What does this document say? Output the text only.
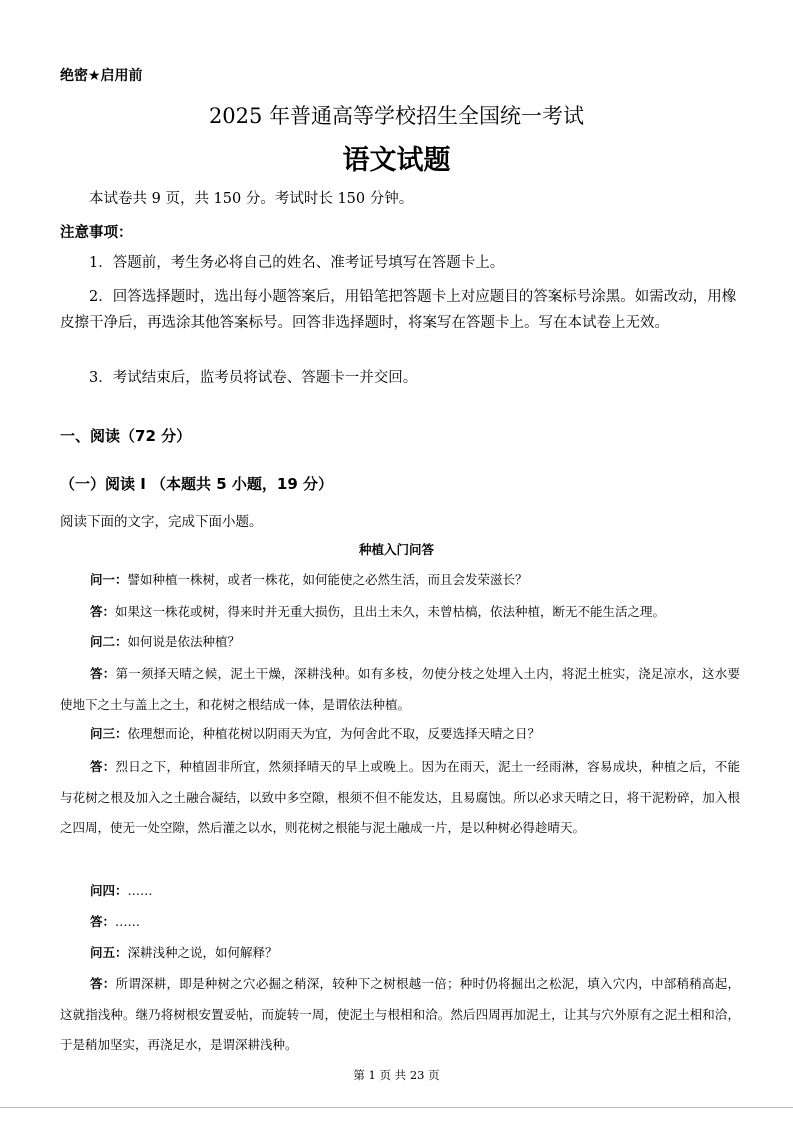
绝密★启用前
2025 年普通高等学校招生全国统一考试
语文试题

本试卷共 9 页，共 150 分。考试时长 150 分钟。

注意事项：

1．答题前，考生务必将自己的姓名、准考证号填写在答题卡上。

2．回答选择题时，选出每小题答案后，用铅笔把答题卡上对应题目的答案标号涂黑。如需改动，用橡皮擦干净后，再选涂其他答案标号。回答非选择题时，将案写在答题卡上。写在本试卷上无效。

3．考试结束后，监考员将试卷、答题卡一并交回。

一、阅读（72 分）
（一）阅读 I （本题共 5 小题，19 分）
阅读下面的文字，完成下面小题。
种植入门问答

问一：譬如种植一株树，或者一株花，如何能使之必然生活，而且会发荣滋长？

答：如果这一株花或树，得来时并无重大损伤，且出土未久，未曾枯槁，依法种植，断无不能生活之理。

问二：如何说是依法种植？

答：第一须择天晴之候，泥土干燥，深耕浅种。如有多枝，勿使分枝之处埋入土内，将泥土桩实，浇足凉水，这水要使地下之土与盖上之土，和花树之根结成一体，是谓依法种植。

问三：依理想而论，种植花树以阴雨天为宜，为何舍此不取，反要选择天晴之日？

答：烈日之下，种植固非所宜，然须择晴天的早上或晚上。因为在雨天，泥土一经雨淋，容易成块，种植之后，不能与花树之根及加入之土融合凝结，以致中多空隙，根须不但不能发达，且易腐蚀。所以必求天晴之日，将干泥粉碎，加入根之四周，使无一处空隙，然后灌之以水，则花树之根能与泥土融成一片，是以种树必得趁晴天。

问四：……

答：……

问五：深耕浅种之说，如何解释？

答：所谓深耕，即是种树之穴必掘之稍深，较种下之树根越一倍；种时仍将掘出之松泥，填入穴内，中部稍稍高起，这就指浅种。继乃将树根安置妥帖，而旋转一周，使泥土与根相和洽。然后四周再加泥土，让其与穴外原有之泥土相和洽，于是稍加坚实，再浇足水，是谓深耕浅种。

第 1 页 共 23 页
